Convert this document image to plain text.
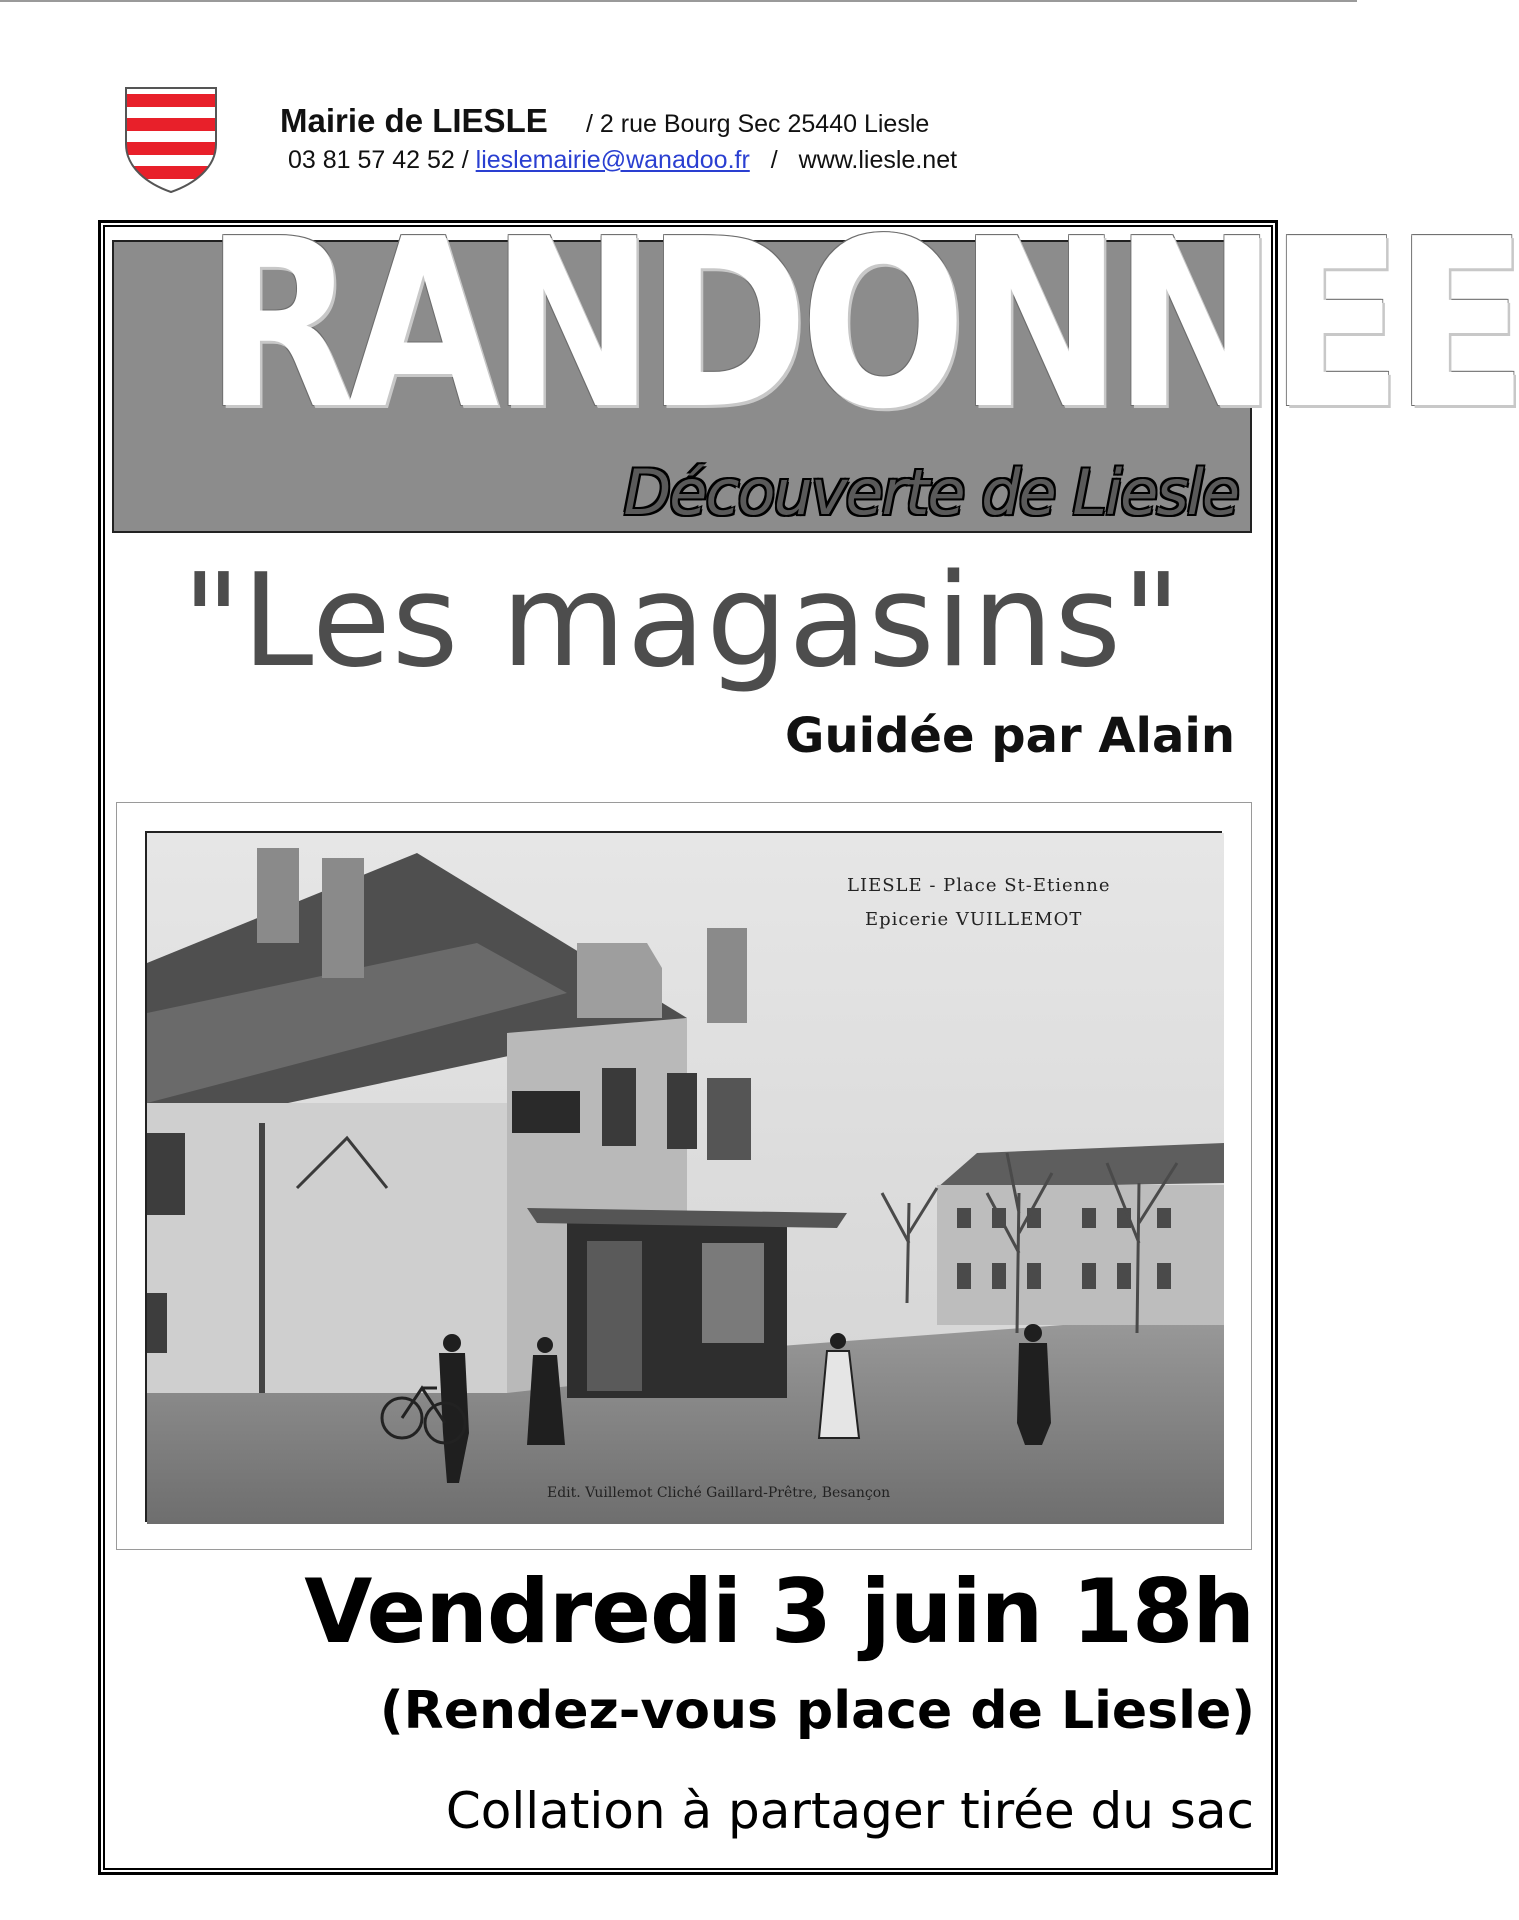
Mairie de LIESLE / 2 rue Bourg Sec 25440 Liesle
03 81 57 42 52 / lieslemairie@wanadoo.fr / www.liesle.net
RANDONNEE
Découverte de Liesle
"Les magasins"
Guidée par Alain
LIESLE - Place St-Etienne
Epicerie VUILLEMOT
Edit. Vuillemot Cliché Gaillard-Prêtre, Besançon
Vendredi 3 juin 18h
(Rendez-vous place de Liesle)
Collation à partager tirée du sac
